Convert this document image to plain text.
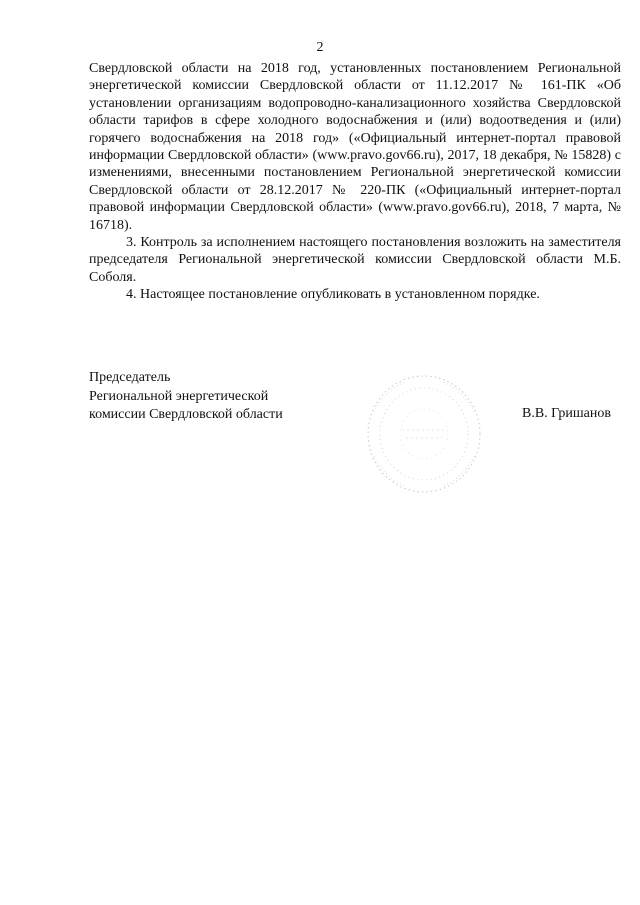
2

Свердловской области на 2018 год, установленных постановлением Региональной энергетической комиссии Свердловской области от 11.12.2017 № 161-ПК «Об установлении организациям водопроводно-канализационного хозяйства Свердловской области тарифов в сфере холодного водоснабжения и (или) водоотведения и (или) горячего водоснабжения на 2018 год» («Официальный интернет-портал правовой информации Свердловской области» (www.pravo.gov66.ru), 2017, 18 декабря, № 15828) с изменениями, внесенными постановлением Региональной энергетической комиссии Свердловской области от 28.12.2017 № 220-ПК («Официальный интернет-портал правовой информации Свердловской области» (www.pravo.gov66.ru), 2018, 7 марта, № 16718).

3. Контроль за исполнением настоящего постановления возложить на заместителя председателя Региональной энергетической комиссии Свердловской области М.Б. Соболя.

4. Настоящее постановление опубликовать в установленном порядке.

Председатель
Региональной энергетической
комиссии Свердловской области	В.В. Гришанов
